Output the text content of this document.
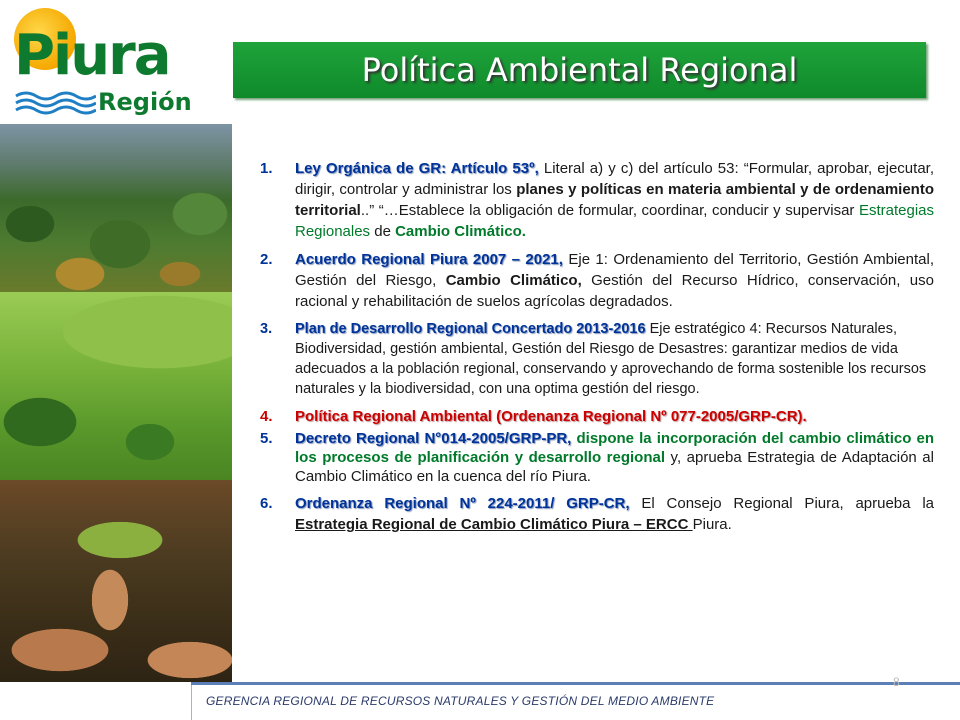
Piura
Región
Política Ambiental Regional
1.	Ley Orgánica de GR: Artículo 53º, Literal a) y c) del artículo 53: “Formular, aprobar, ejecutar, dirigir, controlar y administrar los planes y políticas en materia ambiental y de ordenamiento territorial..” “…Establece la obligación de formular, coordinar, conducir y supervisar Estrategias Regionales de Cambio Climático.
2.	Acuerdo Regional Piura 2007 – 2021, Eje 1: Ordenamiento del Territorio, Gestión Ambiental, Gestión del Riesgo, Cambio Climático, Gestión del Recurso Hídrico, conservación, uso racional y rehabilitación de suelos agrícolas degradados.
3.	Plan de Desarrollo Regional Concertado 2013-2016 Eje estratégico 4: Recursos Naturales, Biodiversidad, gestión ambiental, Gestión del Riesgo de Desastres: garantizar medios de vida adecuados a la población regional, conservando y aprovechando de forma sostenible los recursos naturales y la biodiversidad, con una optima gestión del riesgo.
4.	Política Regional Ambiental (Ordenanza Regional Nº 077-2005/GRP-CR).
5.	Decreto Regional N°014-2005/GRP-PR, dispone la incorporación del cambio climático en los procesos de planificación y desarrollo regional y, aprueba Estrategia de Adaptación al Cambio Climático en la cuenca del río Piura.
6.	Ordenanza Regional Nº 224-2011/ GRP-CR, El Consejo Regional Piura, aprueba la Estrategia Regional de Cambio Climático Piura – ERCC Piura.
GERENCIA REGIONAL DE RECURSOS NATURALES Y GESTIÓN DEL MEDIO AMBIENTE
8
